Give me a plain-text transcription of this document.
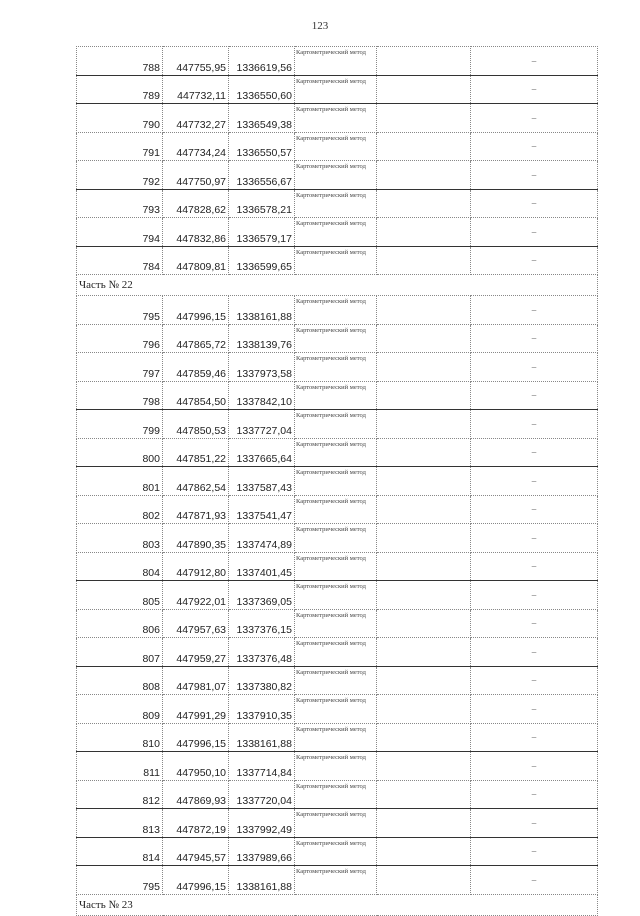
123
788	447755,95	1336619,56	Картометрический метод		–
789	447732,11	1336550,60	Картометрический метод		–
790	447732,27	1336549,38	Картометрический метод		–
791	447734,24	1336550,57	Картометрический метод		–
792	447750,97	1336556,67	Картометрический метод		–
793	447828,62	1336578,21	Картометрический метод		–
794	447832,86	1336579,17	Картометрический метод		–
784	447809,81	1336599,65	Картометрический метод		–
Часть № 22					
795	447996,15	1338161,88	Картометрический метод		–
796	447865,72	1338139,76	Картометрический метод		–
797	447859,46	1337973,58	Картометрический метод		–
798	447854,50	1337842,10	Картометрический метод		–
799	447850,53	1337727,04	Картометрический метод		–
800	447851,22	1337665,64	Картометрический метод		–
801	447862,54	1337587,43	Картометрический метод		–
802	447871,93	1337541,47	Картометрический метод		–
803	447890,35	1337474,89	Картометрический метод		–
804	447912,80	1337401,45	Картометрический метод		–
805	447922,01	1337369,05	Картометрический метод		–
806	447957,63	1337376,15	Картометрический метод		–
807	447959,27	1337376,48	Картометрический метод		–
808	447981,07	1337380,82	Картометрический метод		–
809	447991,29	1337910,35	Картометрический метод		–
810	447996,15	1338161,88	Картометрический метод		–
811	447950,10	1337714,84	Картометрический метод		–
812	447869,93	1337720,04	Картометрический метод		–
813	447872,19	1337992,49	Картометрический метод		–
814	447945,57	1337989,66	Картометрический метод		–
795	447996,15	1338161,88	Картометрический метод		–
Часть № 23					
